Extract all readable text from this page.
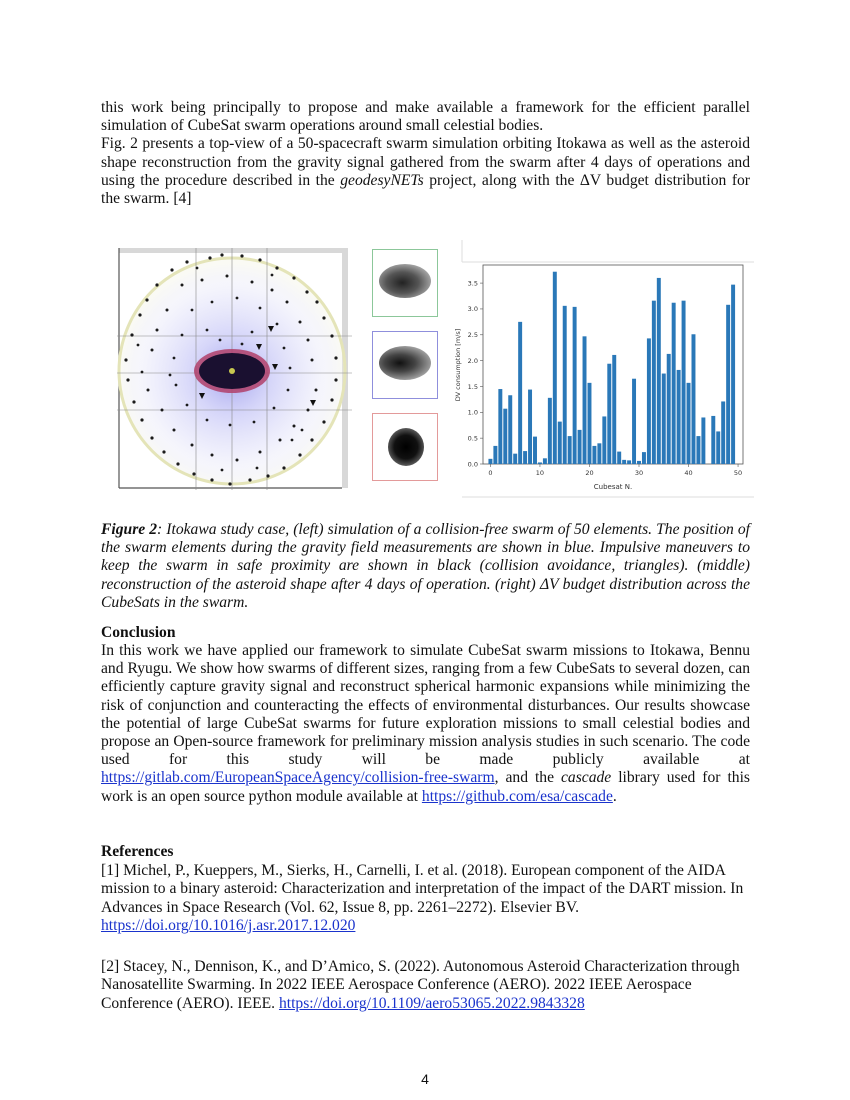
this work being principally to propose and make available a framework for the efficient parallel simulation of CubeSat swarm operations around small celestial bodies.
Fig. 2 presents a top-view of a 50-spacecraft swarm simulation orbiting Itokawa as well as the asteroid shape reconstruction from the gravity signal gathered from the swarm after 4 days of operations and using the procedure described in the geodesyNETs project, along with the ΔV budget distribution for the swarm. [4]

0.0
0.5
1.0
1.5
2.0
2.5
3.0
3.5
0	10	20	30	40	50
Cubesat N.
DV consumption [m/s]

Figure 2: Itokawa study case, (left) simulation of a collision-free swarm of 50 elements. The position of the swarm elements during the gravity field measurements are shown in blue. Impulsive maneuvers to keep the swarm in safe proximity are shown in black (collision avoidance, triangles). (middle) reconstruction of the asteroid shape after 4 days of operation. (right) ΔV budget distribution across the CubeSats in the swarm.

Conclusion

In this work we have applied our framework to simulate CubeSat swarm missions to Itokawa, Bennu and Ryugu. We show how swarms of different sizes, ranging from a few CubeSats to several dozen, can efficiently capture gravity signal and reconstruct spherical harmonic expansions while minimizing the risk of conjunction and counteracting the effects of environmental disturbances. Our results showcase the potential of large CubeSat swarms for future exploration missions to small celestial bodies and propose an Open-source framework for preliminary mission analysis studies in such scenario. The code used for this study will be made publicly available at https://gitlab.com/EuropeanSpaceAgency/collision-free-swarm, and the cascade library used for this work is an open source python module available at https://github.com/esa/cascade.

References

[1] Michel, P., Kueppers, M., Sierks, H., Carnelli, I. et al. (2018). European component of the AIDA mission to a binary asteroid: Characterization and interpretation of the impact of the DART mission. In Advances in Space Research (Vol. 62, Issue 8, pp. 2261–2272). Elsevier BV. https://doi.org/10.1016/j.asr.2017.12.020

[2] Stacey, N., Dennison, K., and D’Amico, S. (2022). Autonomous Asteroid Characterization through Nanosatellite Swarming. In 2022 IEEE Aerospace Conference (AERO). 2022 IEEE Aerospace Conference (AERO). IEEE. https://doi.org/10.1109/aero53065.2022.9843328

4
